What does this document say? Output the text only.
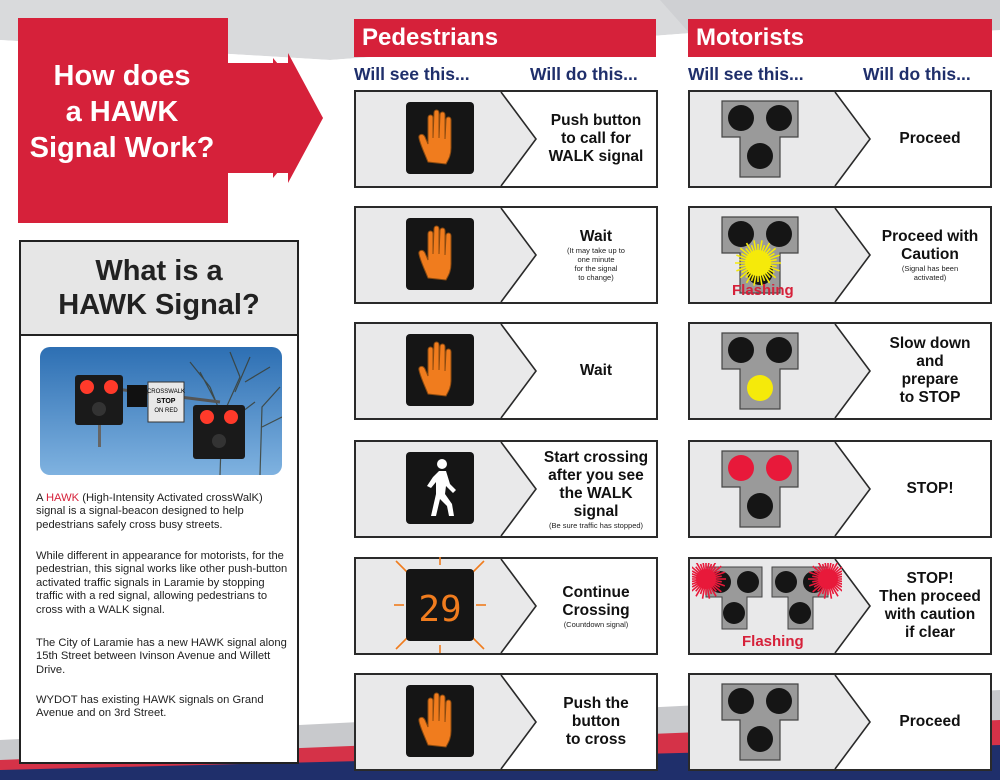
How does
a HAWK
Signal Work?
What is a
HAWK Signal?
CROSSWALK
STOP
ON RED
A HAWK (High-Intensity Activated crossWalK) signal is a signal-beacon designed to help pedestrians safely cross busy streets.
While different in appearance for motorists, for the pedestrian, this signal works like other push-button activated traffic signals in Laramie by stopping traffic with a red signal, allowing pedestrians to cross with a WALK signal.
The City of Laramie has a new HAWK signal along 15th Street between Ivinson Avenue and Willett Drive.
WYDOT has existing HAWK signals on Grand Avenue and on 3rd Street.
Pedestrians
Will see this...	Will do this...
Motorists
Will see this...	Will do this...
Push button
to call for
WALK signal
Wait
(It may take up to
one minute
for the signal
to change)
Wait
Start crossing
after you see
the WALK
signal
(Be sure traffic has stopped)
29	Continue
Crossing
(Countdown signal)
Push the
button
to cross
Proceed
Flashing
Proceed with
Caution
(Signal has been
activated)
Slow down
and
prepare
to STOP
STOP!
Flashing
STOP!
Then proceed
with caution
if clear
Proceed
